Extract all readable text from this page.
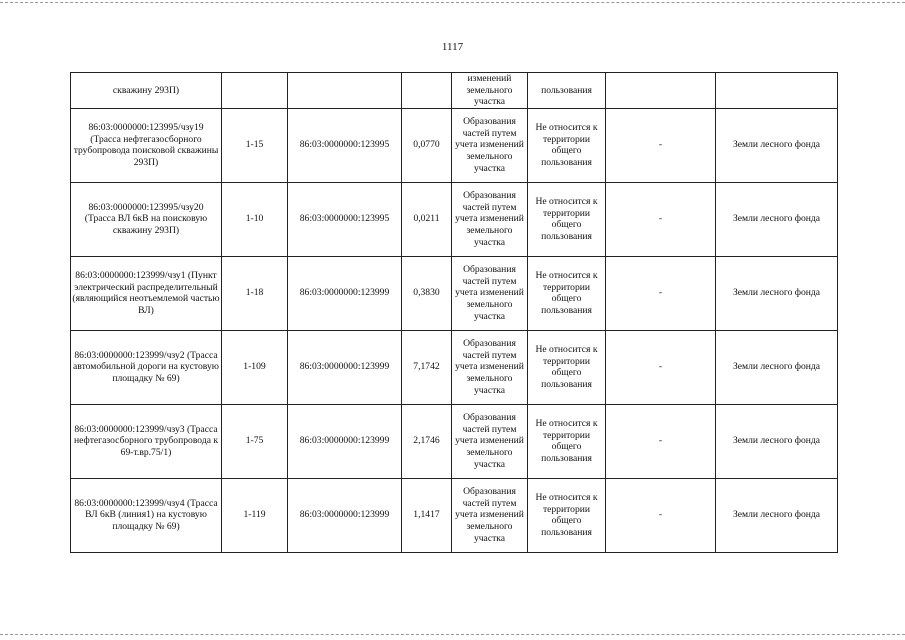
1117
скважину 293П)				изменений земельного участка	пользования		
86:03:0000000:123995/чзу19 (Трасса нефтегазосборного трубопровода поисковой скважины 293П)	1-15	86:03:0000000:123995	0,0770	Образования частей путем учета изменений земельного участка	Не относится к территории общего пользования	-	Земли лесного фонда
86:03:0000000:123995/чзу20 (Трасса ВЛ 6кВ на поисковую скважину 293П)	1-10	86:03:0000000:123995	0,0211	Образования частей путем учета изменений земельного участка	Не относится к территории общего пользования	-	Земли лесного фонда
86:03:0000000:123999/чзу1 (Пункт электрический распределительный (являющийся неотъемлемой частью ВЛ)	1-18	86:03:0000000:123999	0,3830	Образования частей путем учета изменений земельного участка	Не относится к территории общего пользования	-	Земли лесного фонда
86:03:0000000:123999/чзу2 (Трасса автомобильной дороги на кустовую площадку № 69)	1-109	86:03:0000000:123999	7,1742	Образования частей путем учета изменений земельного участка	Не относится к территории общего пользования	-	Земли лесного фонда
86:03:0000000:123999/чзу3 (Трасса нефтегазосборного трубопровода к 69-т.вр.75/1)	1-75	86:03:0000000:123999	2,1746	Образования частей путем учета изменений земельного участка	Не относится к территории общего пользования	-	Земли лесного фонда
86:03:0000000:123999/чзу4 (Трасса ВЛ 6кВ (линия1) на кустовую площадку № 69)	1-119	86:03:0000000:123999	1,1417	Образования частей путем учета изменений земельного участка	Не относится к территории общего пользования	-	Земли лесного фонда
